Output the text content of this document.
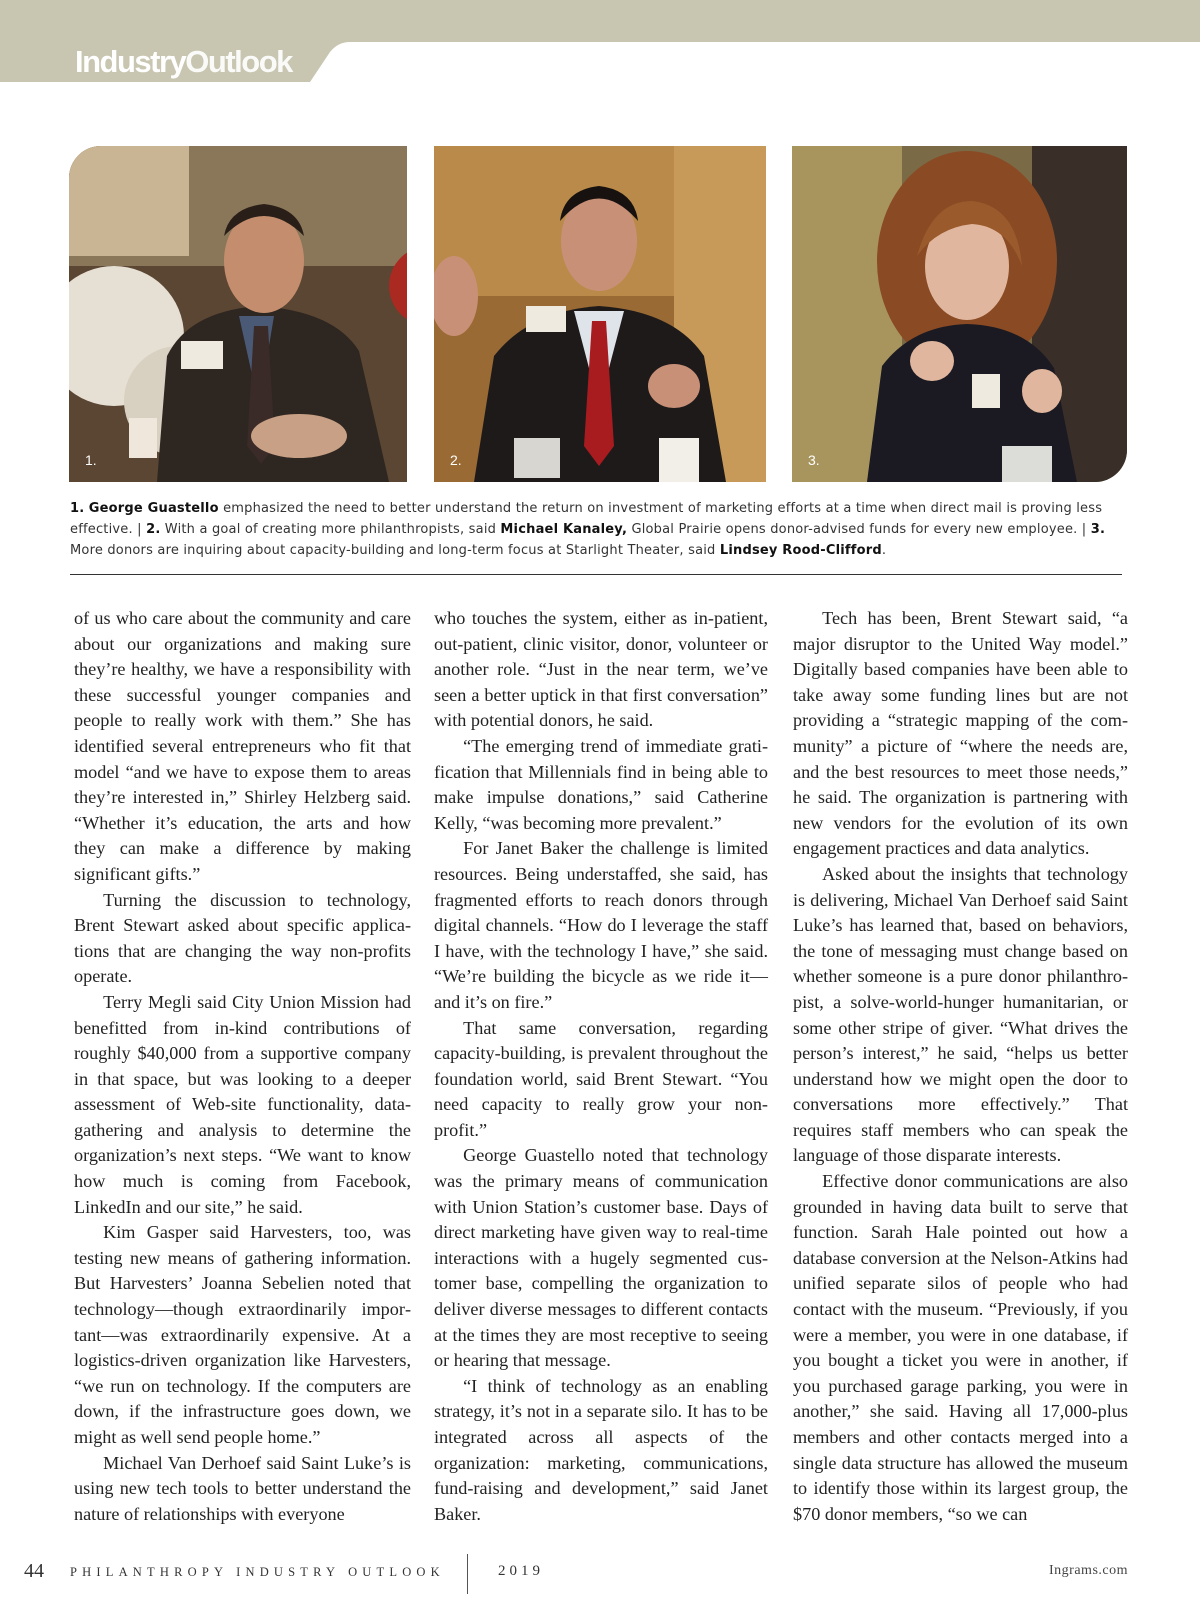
IndustryOutlook
1.	2.	3.
1. George Guastello emphasized the need to better understand the return on investment of marketing efforts at a time when direct mail is proving less effective. | 2. With a goal of creating more philanthropists, said Michael Kanaley, Global Prairie opens donor-advised funds for every new employee. | 3. More donors are inquiring about capacity-building and long-term focus at Starlight Theater, said Lindsey Rood-Clifford.

of us who care about the community and care about our organizations and making sure they’re healthy, we have a responsibility with these successful younger companies and people to really work with them.” She has identified several entrepreneurs who fit that model “and we have to expose them to areas they’re interested in,” Shirley Helzberg said. “Whether it’s education, the arts and how they can make a difference by making significant gifts.”

Turning the discussion to technology, Brent Stewart asked about specific applications that are changing the way non-profits operate.

Terry Megli said City Union Mission had benefitted from in-kind contributions of roughly $40,000 from a supportive company in that space, but was looking to a deeper assessment of Web-site functionality, data-gathering and analysis to determine the organization’s next steps. “We want to know how much is coming from Facebook, LinkedIn and our site,” he said.

Kim Gasper said Harvesters, too, was testing new means of gathering information. But Harvesters’ Joanna Sebelien noted that technology—though extraordinarily important—was extraordinarily expensive. At a logistics-driven organization like Harvesters, “we run on technology. If the computers are down, if the infrastructure goes down, we might as well send people home.”

Michael Van Derhoef said Saint Luke’s is using new tech tools to better understand the nature of relationships with everyone

who touches the system, either as in-patient, out-patient, clinic visitor, donor, volunteer or another role. “Just in the near term, we’ve seen a better uptick in that first conversation” with potential donors, he said.

“The emerging trend of immediate gratification that Millennials find in being able to make impulse donations,” said Catherine Kelly, “was becoming more prevalent.”

For Janet Baker the challenge is limited resources. Being understaffed, she said, has fragmented efforts to reach donors through digital channels. “How do I leverage the staff I have, with the technology I have,” she said. “We’re building the bicycle as we ride it—and it’s on fire.”

That same conversation, regarding capacity-building, is prevalent throughout the foundation world, said Brent Stewart. “You need capacity to really grow your non-profit.”

George Guastello noted that technology was the primary means of communication with Union Station’s customer base. Days of direct marketing have given way to real-time interactions with a hugely segmented customer base, compelling the organization to deliver diverse messages to different contacts at the times they are most receptive to seeing or hearing that message.

“I think of technology as an enabling strategy, it’s not in a separate silo. It has to be integrated across all aspects of the organization: marketing, communications, fund-raising and development,” said Janet Baker.

Tech has been, Brent Stewart said, “a major disruptor to the United Way model.” Digitally based companies have been able to take away some funding lines but are not providing a “strategic mapping of the community” a picture of “where the needs are, and the best resources to meet those needs,” he said. The organization is partnering with new vendors for the evolution of its own engagement practices and data analytics.

Asked about the insights that technology is delivering, Michael Van Derhoef said Saint Luke’s has learned that, based on behaviors, the tone of messaging must change based on whether someone is a pure donor philanthropist, a solve-world-hunger humanitarian, or some other stripe of giver. “What drives the person’s interest,” he said, “helps us better understand how we might open the door to conversations more effectively.” That requires staff members who can speak the language of those disparate interests.

Effective donor communications are also grounded in having data built to serve that function. Sarah Hale pointed out how a database conversion at the Nelson-Atkins had unified separate silos of people who had contact with the museum. “Previously, if you were a member, you were in one database, if you bought a ticket you were in another, if you purchased garage parking, you were in another,” she said. Having all 17,000-plus members and other contacts merged into a single data structure has allowed the museum to identify those within its largest group, the $70 donor members, “so we can

44 PHILANTHROPY INDUSTRY OUTLOOK	2019	Ingrams.com
